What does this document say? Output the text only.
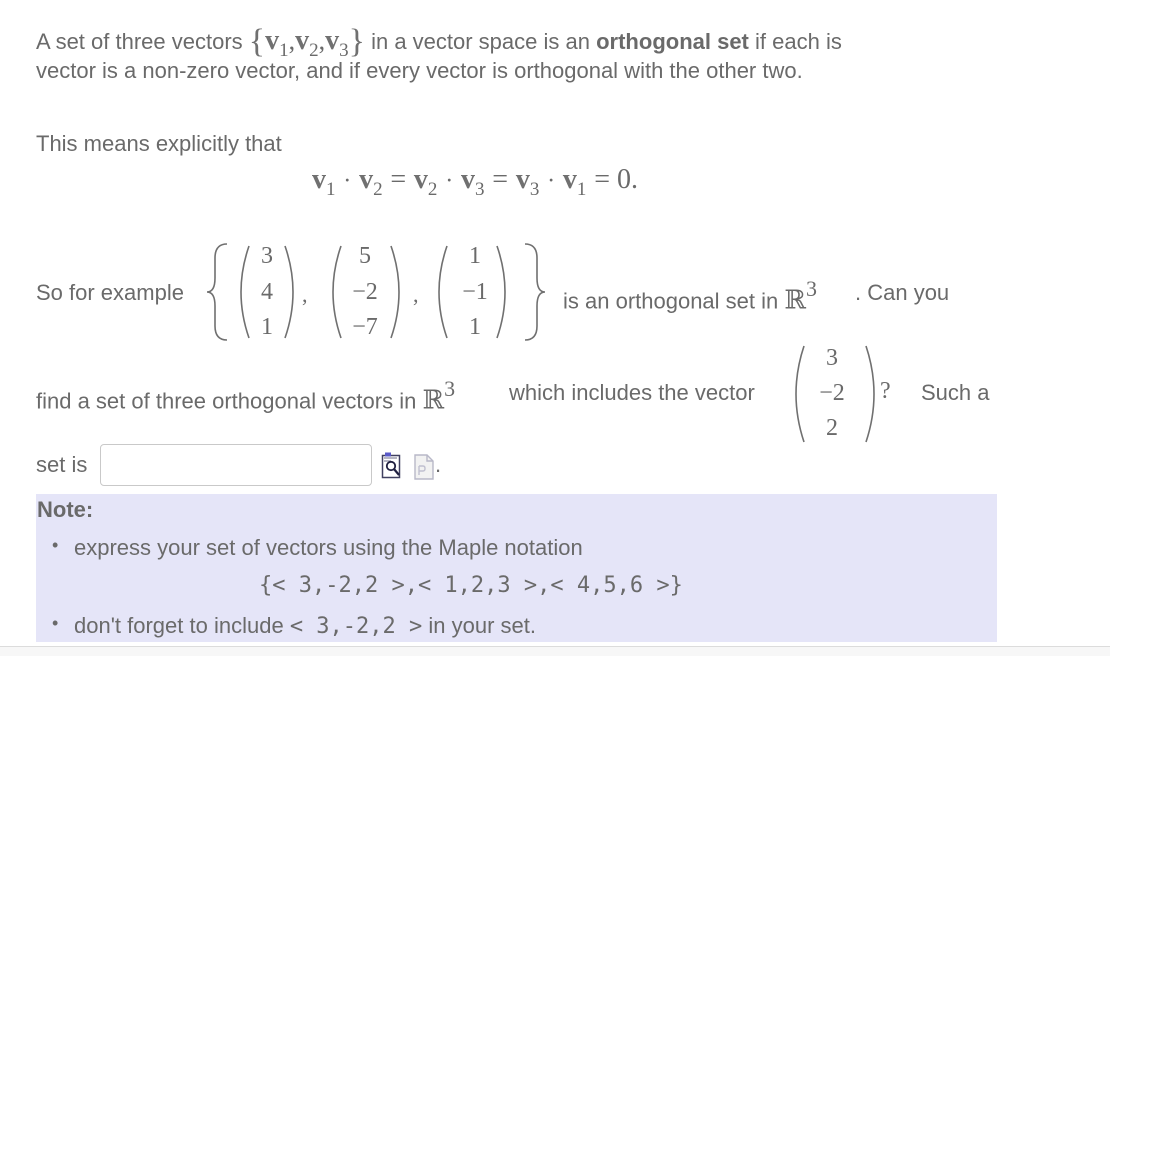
A set of three vectors {v1,v2,v3} in a vector space is an orthogonal set if each is
vector is a non-zero vector, and if every vector is orthogonal with the other two.
This means explicitly that
$v_1 \cdot v_2 = v_2 \cdot v_3 = v_3 \cdot v_1 = 0$.
So for example	,	,
3
4
1
5
−2
−7
1
−1
1
is an orthogonal set in ℝ$^3$ . Can you
find a set of three orthogonal vectors in ℝ$^3$ which includes the vector
3
−2
2
? Such a
set is	.
Note:
• express your set of vectors using the Maple notation
{< 3,-2,2 >,< 1,2,3 >,< 4,5,6 >}
• don't forget to include < 3,-2,2 > in your set.
